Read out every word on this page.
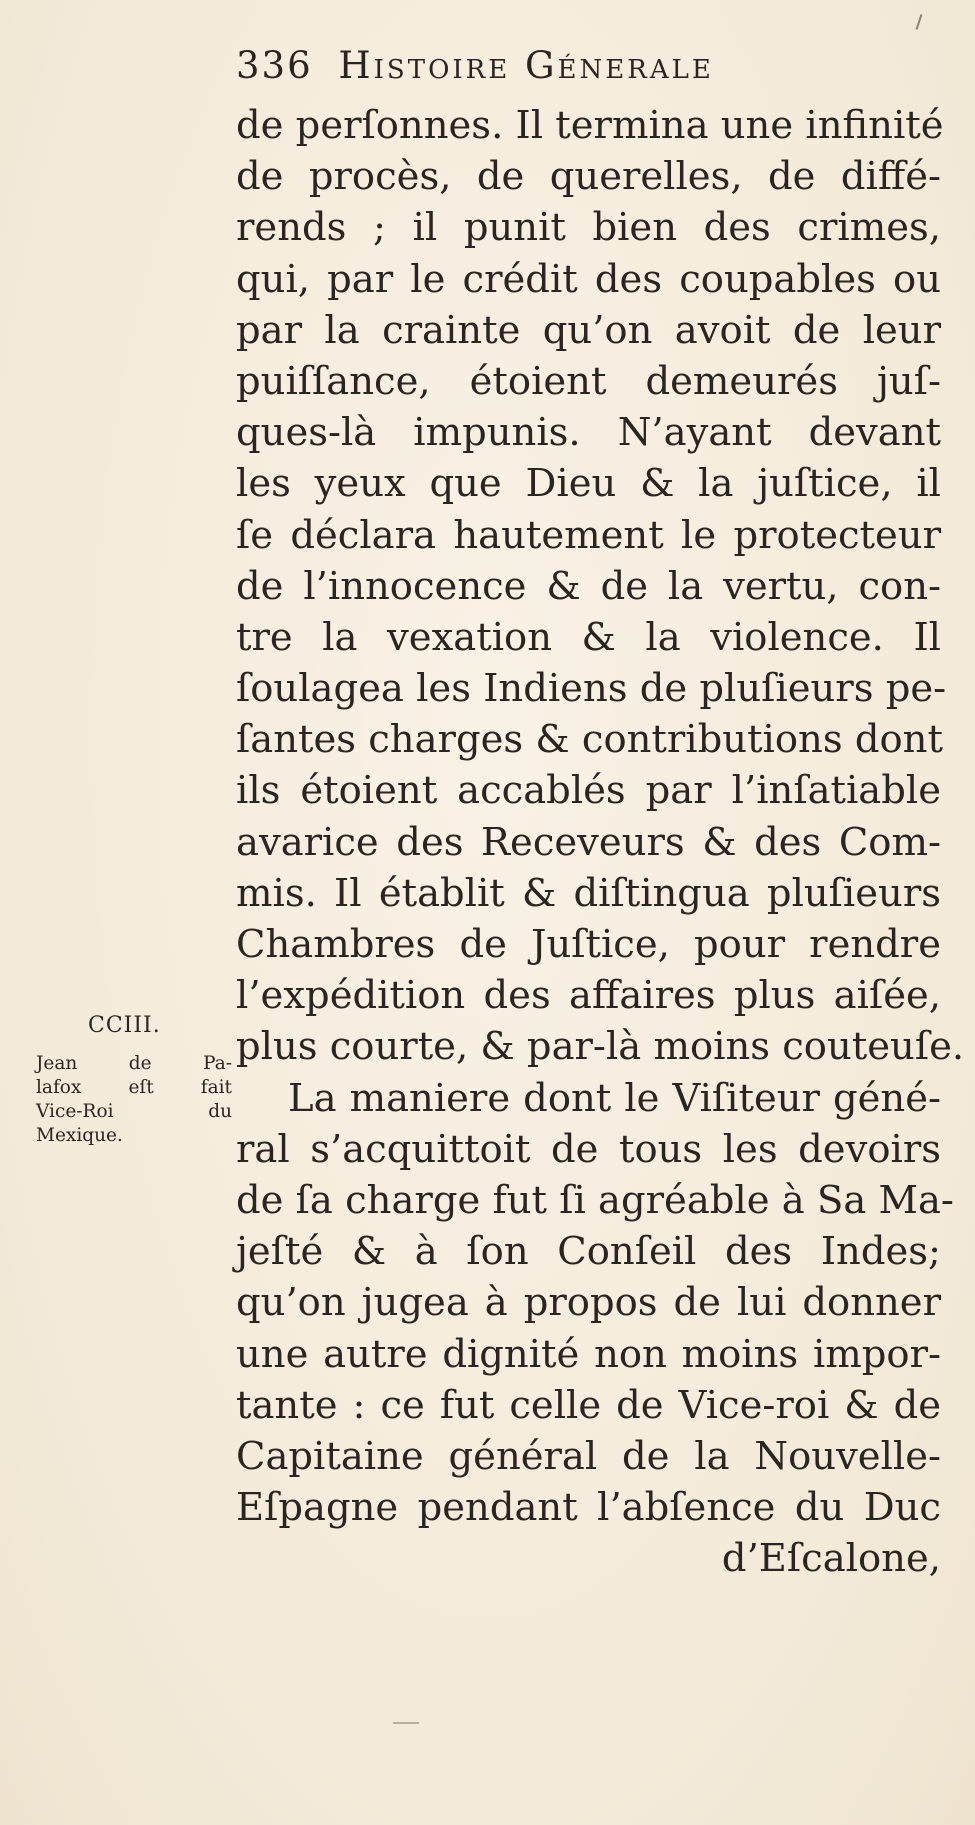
336 Histoire Génerale
de perſonnes. Il termina une infinité
de procès, de querelles, de diffé-
rends ; il punit bien des crimes,
qui, par le crédit des coupables ou
par la crainte qu’on avoit de leur
puiſſance, étoient demeurés juſ-
ques-là impunis. N’ayant devant
les yeux que Dieu & la juſtice, il
ſe déclara hautement le protecteur
de l’innocence & de la vertu, con-
tre la vexation & la violence. Il
ſoulagea les Indiens de pluſieurs pe-
ſantes charges & contributions dont
ils étoient accablés par l’inſatiable
avarice des Receveurs & des Com-
mis. Il établit & diſtingua pluſieurs
Chambres de Juſtice, pour rendre
l’expédition des affaires plus aiſée,
plus courte, & par-là moins couteuſe.
La maniere dont le Viſiteur géné-
ral s’acquittoit de tous les devoirs
de ſa charge fut ſi agréable à Sa Ma-
jeſté & à ſon Conſeil des Indes;
qu’on jugea à propos de lui donner
une autre dignité non moins impor-
tante : ce fut celle de Vice-roi & de
Capitaine général de la Nouvelle-
Eſpagne pendant l’abſence du Duc
d’Eſcalone,
CCIII.
Jean de Pa-
lafox eſt fait
Vice-Roi du
Mexique.
